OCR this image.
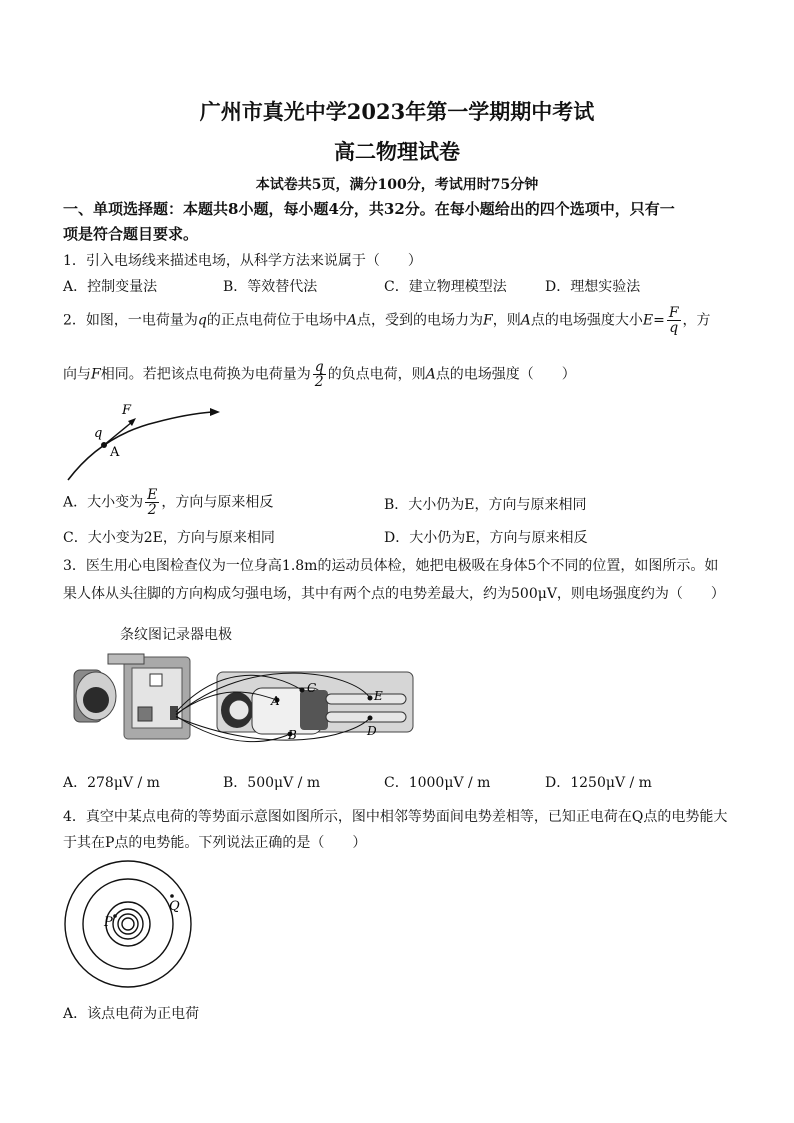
广州市真光中学2023年第一学期期中考试
高二物理试卷
本试卷共5页，满分100分，考试用时75分钟
一、单项选择题：本题共8小题，每小题4分，共32分。在每小题给出的四个选项中，只有一
项是符合题目要求。
1．引入电场线来描述电场，从科学方法来说属于（　　）
A．控制变量法	B．等效替代法	C．建立物理模型法	D．理想实验法
2．如图，一电荷量为q的正点电荷位于电场中A点，受到的电场力为F，则A点的电场强度大小$E= \frac{F}{q}$ ，方
向与F相同。若把该点电荷换为电荷量为 $\frac{q}{2}$ 的负点电荷，则A点的电场强度（　　）
F
q
A
A．大小变为 $\frac{E}{2}$ ，方向与原来相反	B．大小仍为E，方向与原来相同
C．大小变为2E，方向与原来相同	D．大小仍为E，方向与原来相反
3．医生用心电图检查仪为一位身高1.8m的运动员体检，她把电极吸在身体5个不同的位置，如图所示。如
果人体从头往脚的方向构成匀强电场，其中有两个点的电势差最大，约为500μV，则电场强度约为（　　）
条纹图记录器电极
A
B
C
D
E
A．278μV / m	B．500μV / m	C．1000μV / m	D．1250μV / m
4．真空中某点电荷的等势面示意图如图所示，图中相邻等势面间电势差相等，已知正电荷在Q点的电势能大
于其在P点的电势能。下列说法正确的是（　　）
P
Q
A．该点电荷为正电荷
